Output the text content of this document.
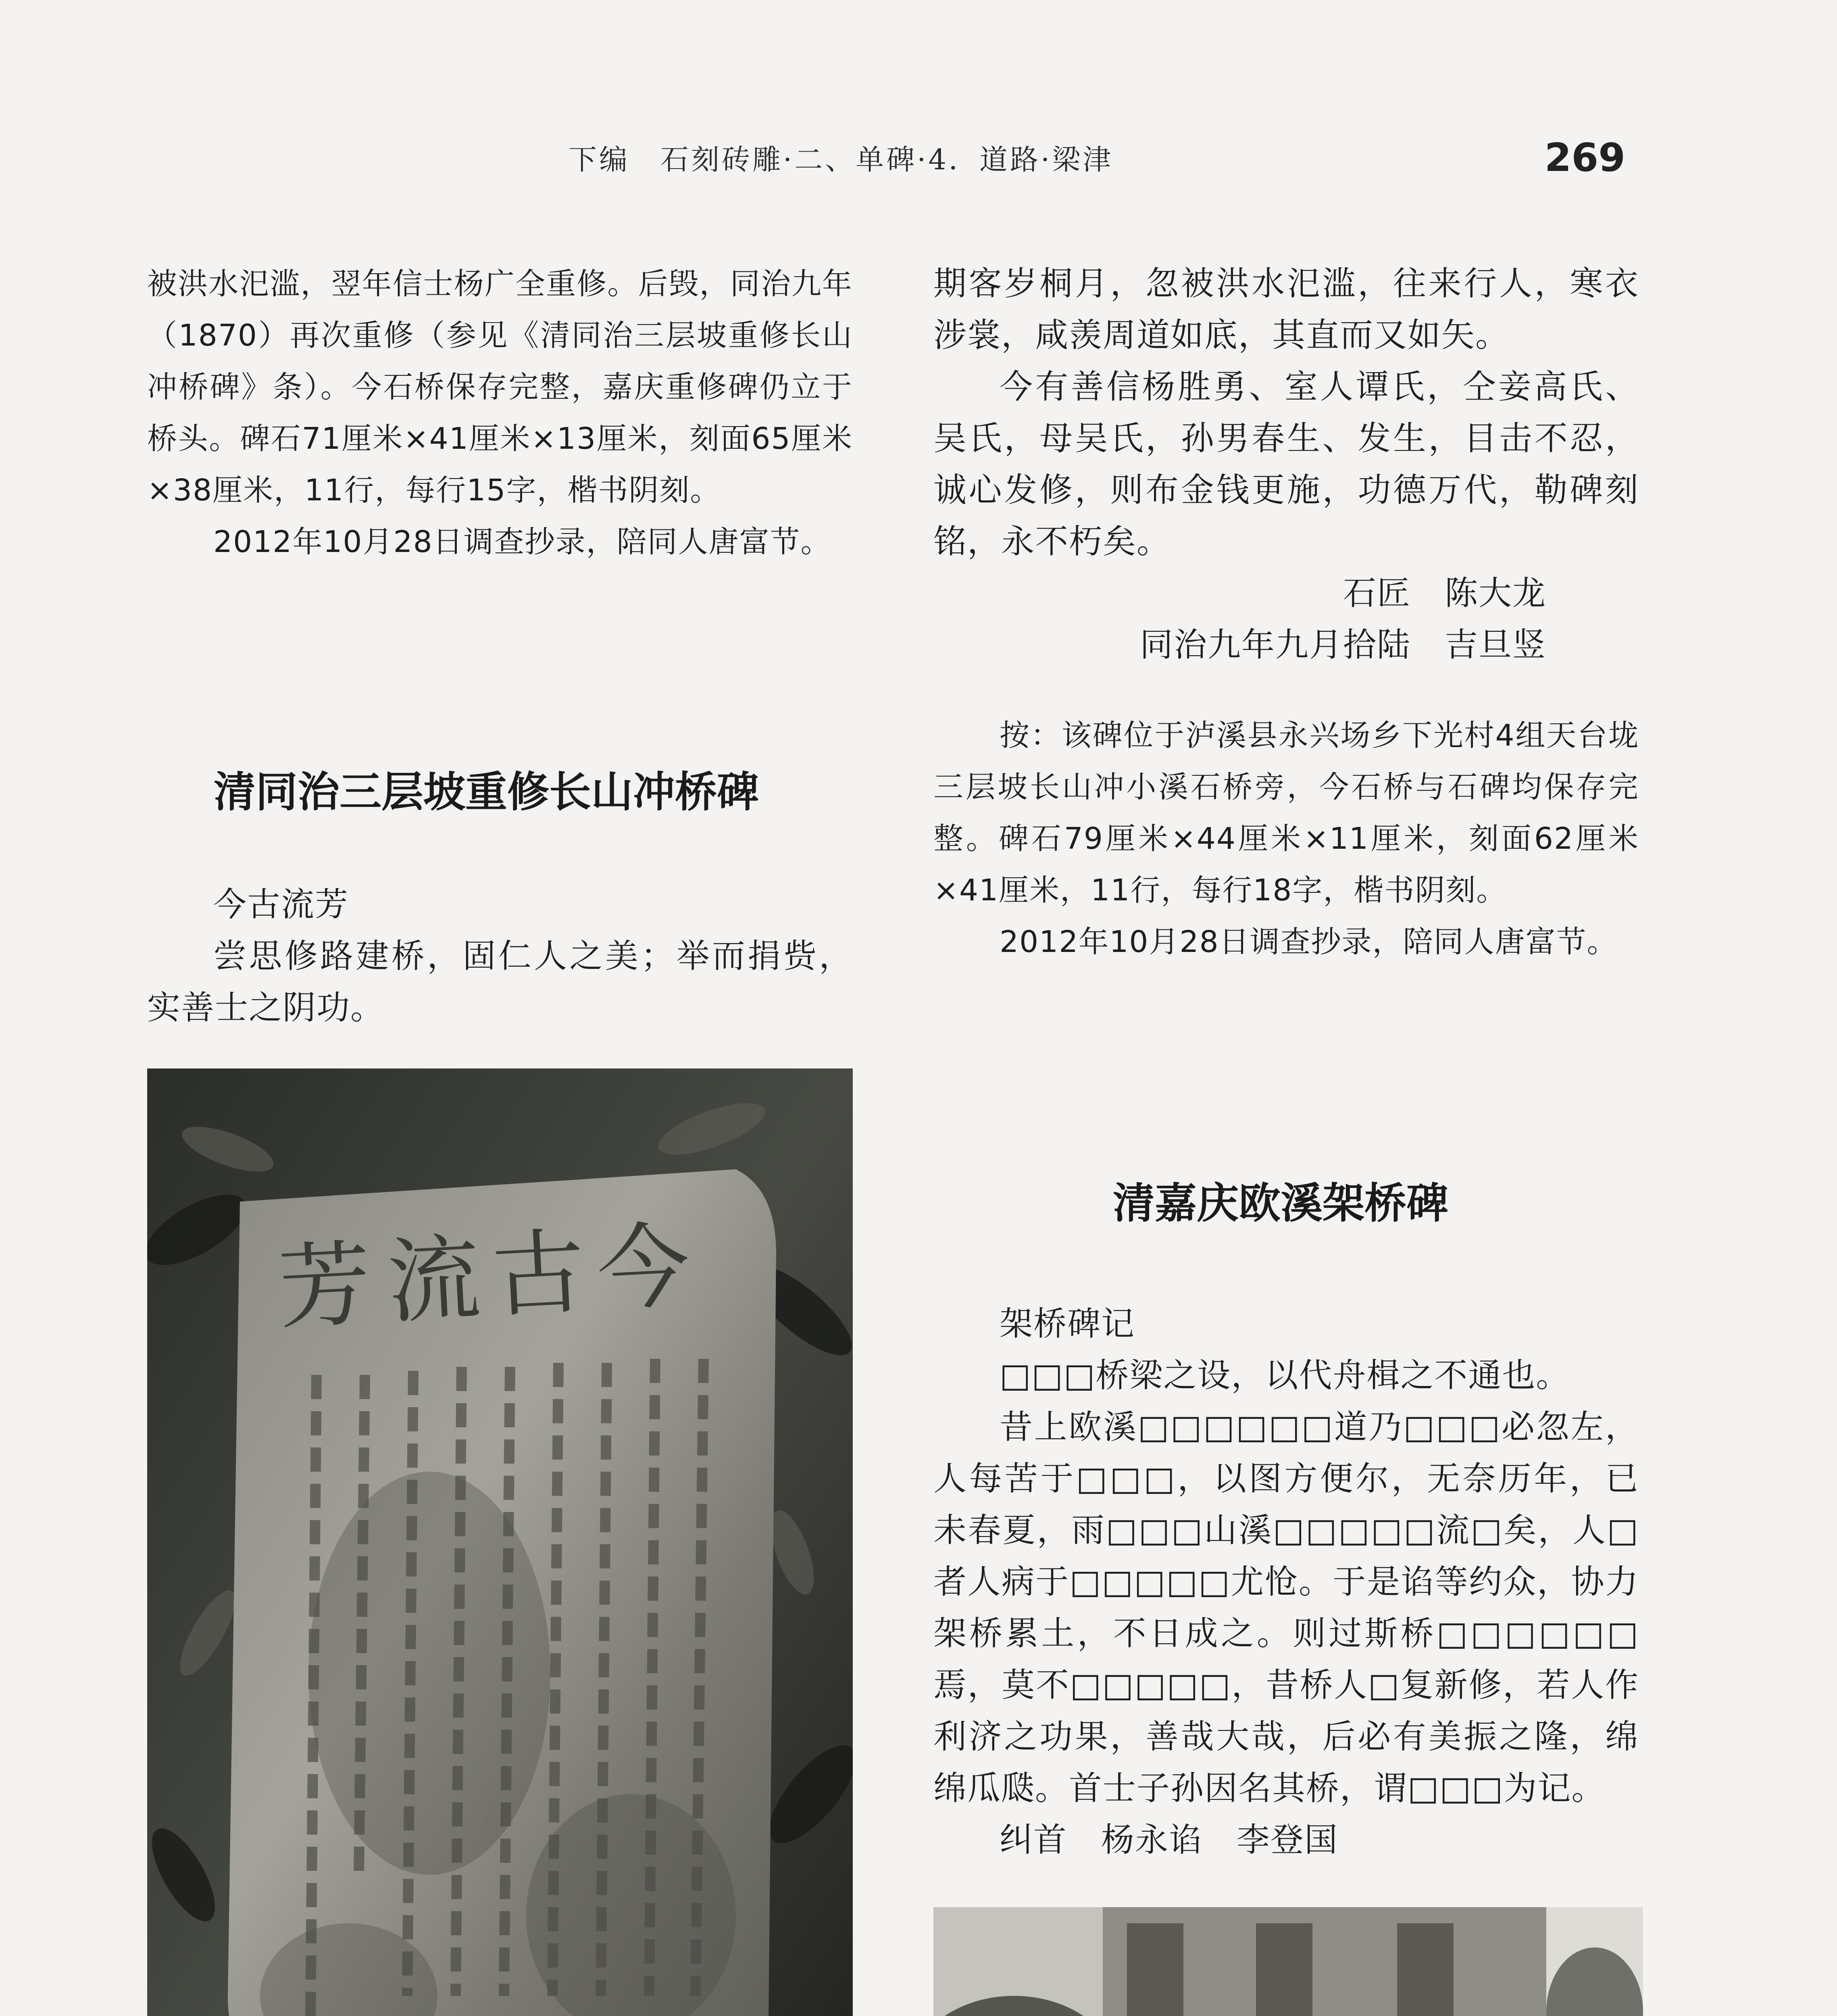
下编　石刻砖雕·二、单碑·4．道路·梁津	269

被洪水汜滥，翌年信士杨广全重修。后毁，同治九年（1870）再次重修（参见《清同治三层坡重修长山冲桥碑》条）。今石桥保存完整，嘉庆重修碑仍立于桥头。碑石71厘米×41厘米×13厘米，刻面65厘米×38厘米，11行，每行15字，楷书阴刻。

2012年10月28日调查抄录，陪同人唐富节。

清同治三层坡重修长山冲桥碑

今古流芳

尝思修路建桥，固仁人之美；举而捐赀，实善士之阴功。

今
古
流
芳

期客岁桐月，忽被洪水汜滥，往来行人，寒衣涉裳，咸羡周道如底，其直而又如矢。

今有善信杨胜勇、室人谭氏，仝妾高氏、吴氏，母吴氏，孙男春生、发生，目击不忍，诚心发修，则布金钱更施，功德万代，勒碑刻铭，永不朽矣。

石匠　陈大龙

同治九年九月拾陆　吉旦竖

按：该碑位于泸溪县永兴场乡下光村4组天台垅三层坡长山冲小溪石桥旁，今石桥与石碑均保存完整。碑石79厘米×44厘米×11厘米，刻面62厘米×41厘米，11行，每行18字，楷书阴刻。

2012年10月28日调查抄录，陪同人唐富节。

清嘉庆欧溪架桥碑

架桥碑记

□□□桥梁之设，以代舟楫之不通也。

昔上欧溪□□□□□□道乃□□□必忽左，人每苦于□□□，以图方便尔，无奈历年，已未春夏，雨□□□山溪□□□□□流□矣，人□者人病于□□□□□尤怆。于是谄等约众，协力架桥累土，不日成之。则过斯桥□□□□□□焉，莫不□□□□□，昔桥人□复新修，若人作利济之功果，善哉大哉，后必有美振之隆，绵绵瓜瓞。首士子孙因名其桥，谓□□□为记。

纠首　杨永谄　李登国
